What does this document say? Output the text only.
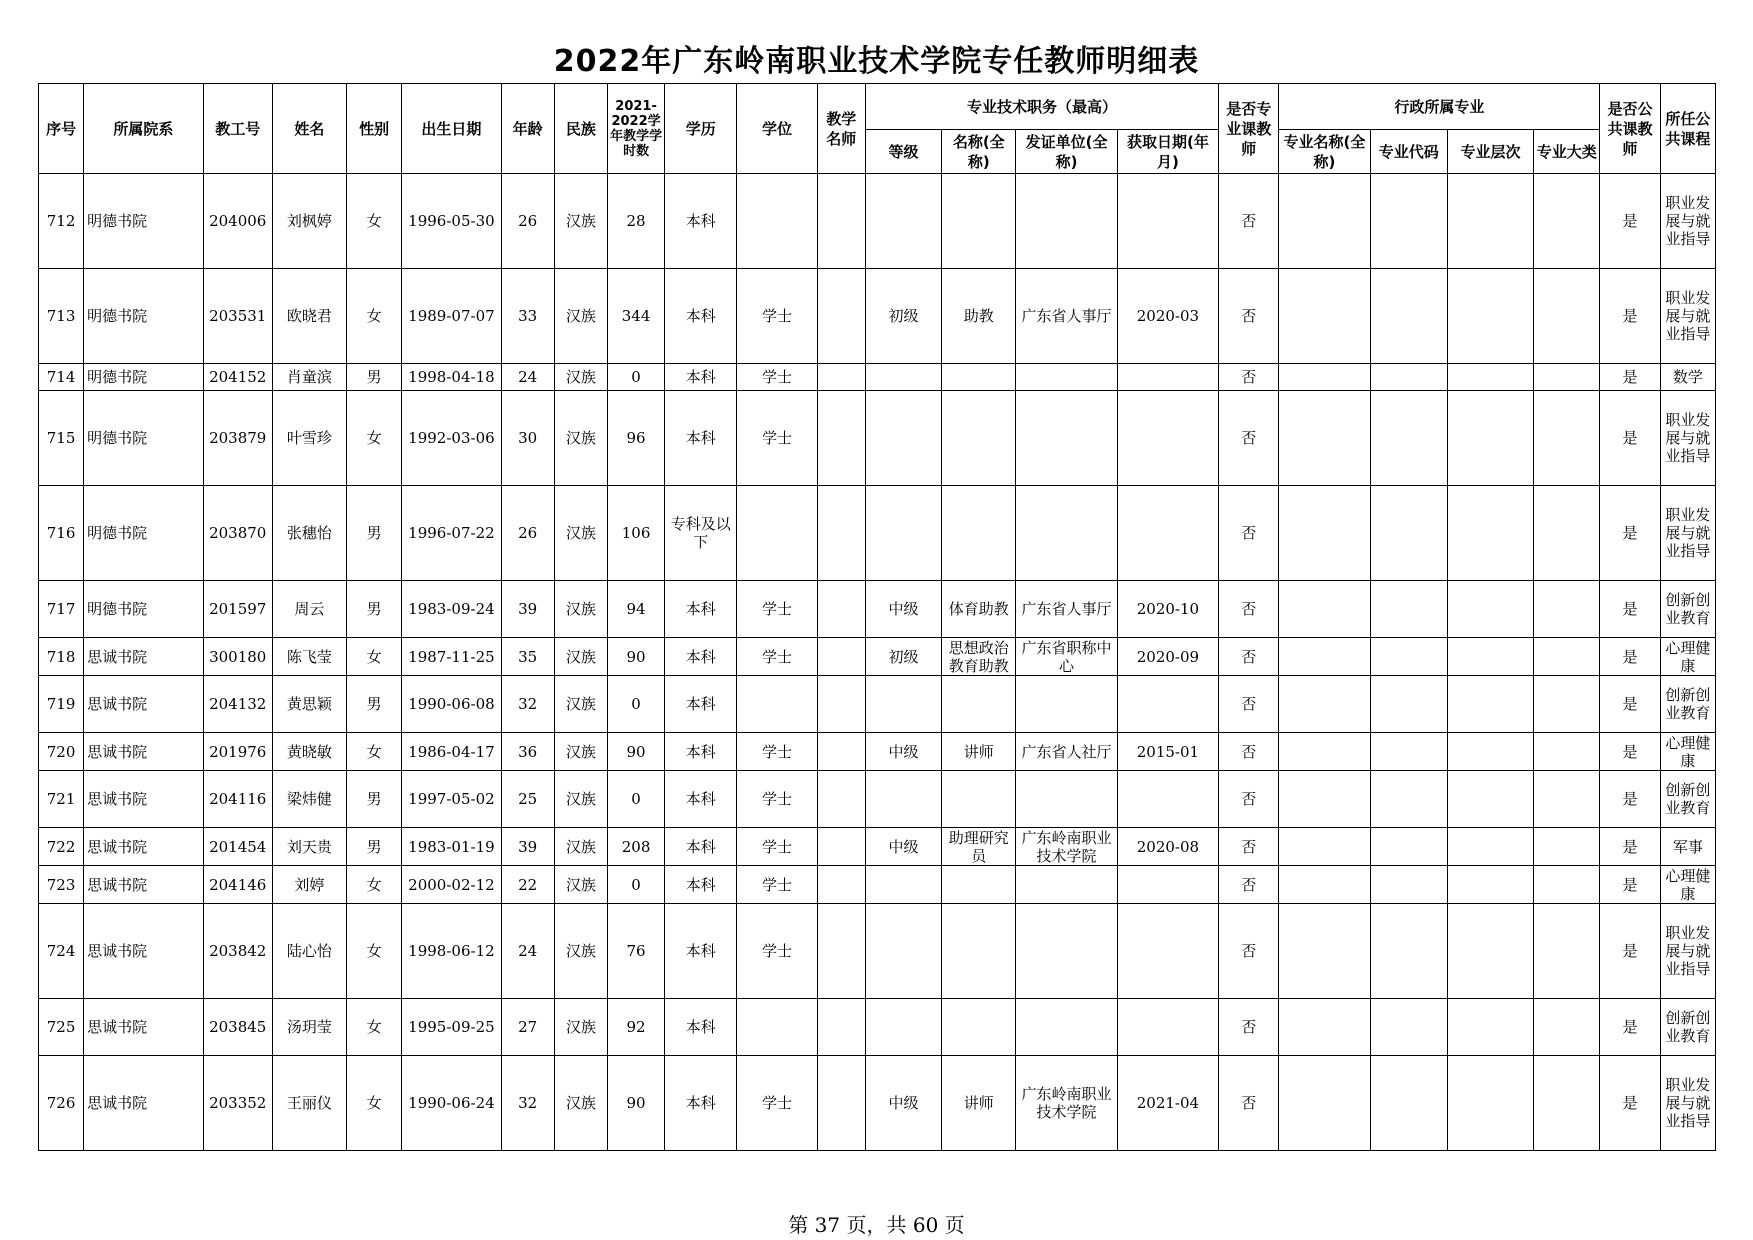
2022年广东岭南职业技术学院专任教师明细表
序号	所属院系	教工号	姓名	性别	出生日期	年龄	民族	2021-2022学年教学学时数	学历	学位	教学名师	专业技术职务（最高）				是否专业课教师	行政所属专业				是否公共课教师	所任公共课程
												等级	名称(全称)	发证单位(全称)	获取日期(年月)		专业名称(全称)	专业代码	专业层次	专业大类		

712	明德书院	204006	刘枫婷	女	1996-05-30	26	汉族	28	本科							否					是	职业发展与就业指导

713	明德书院	203531	欧晓君	女	1989-07-07	33	汉族	344	本科	学士		初级	助教	广东省人事厅	2020-03	否					是	职业发展与就业指导

714	明德书院	204152	肖童滨	男	1998-04-18	24	汉族	0	本科	学士						否					是	数学

715	明德书院	203879	叶雪珍	女	1992-03-06	30	汉族	96	本科	学士						否					是	职业发展与就业指导

716	明德书院	203870	张穗怡	男	1996-07-22	26	汉族	106	专科及以下							否					是	职业发展与就业指导

717	明德书院	201597	周云	男	1983-09-24	39	汉族	94	本科	学士		中级	体育助教	广东省人事厅	2020-10	否					是	创新创业教育

718	思诚书院	300180	陈飞莹	女	1987-11-25	35	汉族	90	本科	学士		初级	思想政治教育助教	广东省职称中心	2020-09	否					是	心理健康

719	思诚书院	204132	黄思颖	男	1990-06-08	32	汉族	0	本科							否					是	创新创业教育

720	思诚书院	201976	黄晓敏	女	1986-04-17	36	汉族	90	本科	学士		中级	讲师	广东省人社厅	2015-01	否					是	心理健康

721	思诚书院	204116	梁炜健	男	1997-05-02	25	汉族	0	本科	学士						否					是	创新创业教育

722	思诚书院	201454	刘天贵	男	1983-01-19	39	汉族	208	本科	学士		中级	助理研究员	广东岭南职业技术学院	2020-08	否					是	军事

723	思诚书院	204146	刘婷	女	2000-02-12	22	汉族	0	本科	学士						否					是	心理健康

724	思诚书院	203842	陆心怡	女	1998-06-12	24	汉族	76	本科	学士						否					是	职业发展与就业指导

725	思诚书院	203845	汤玥莹	女	1995-09-25	27	汉族	92	本科							否					是	创新创业教育

726	思诚书院	203352	王丽仪	女	1990-06-24	32	汉族	90	本科	学士		中级	讲师	广东岭南职业技术学院	2021-04	否					是	职业发展与就业指导
第 37 页，共 60 页
